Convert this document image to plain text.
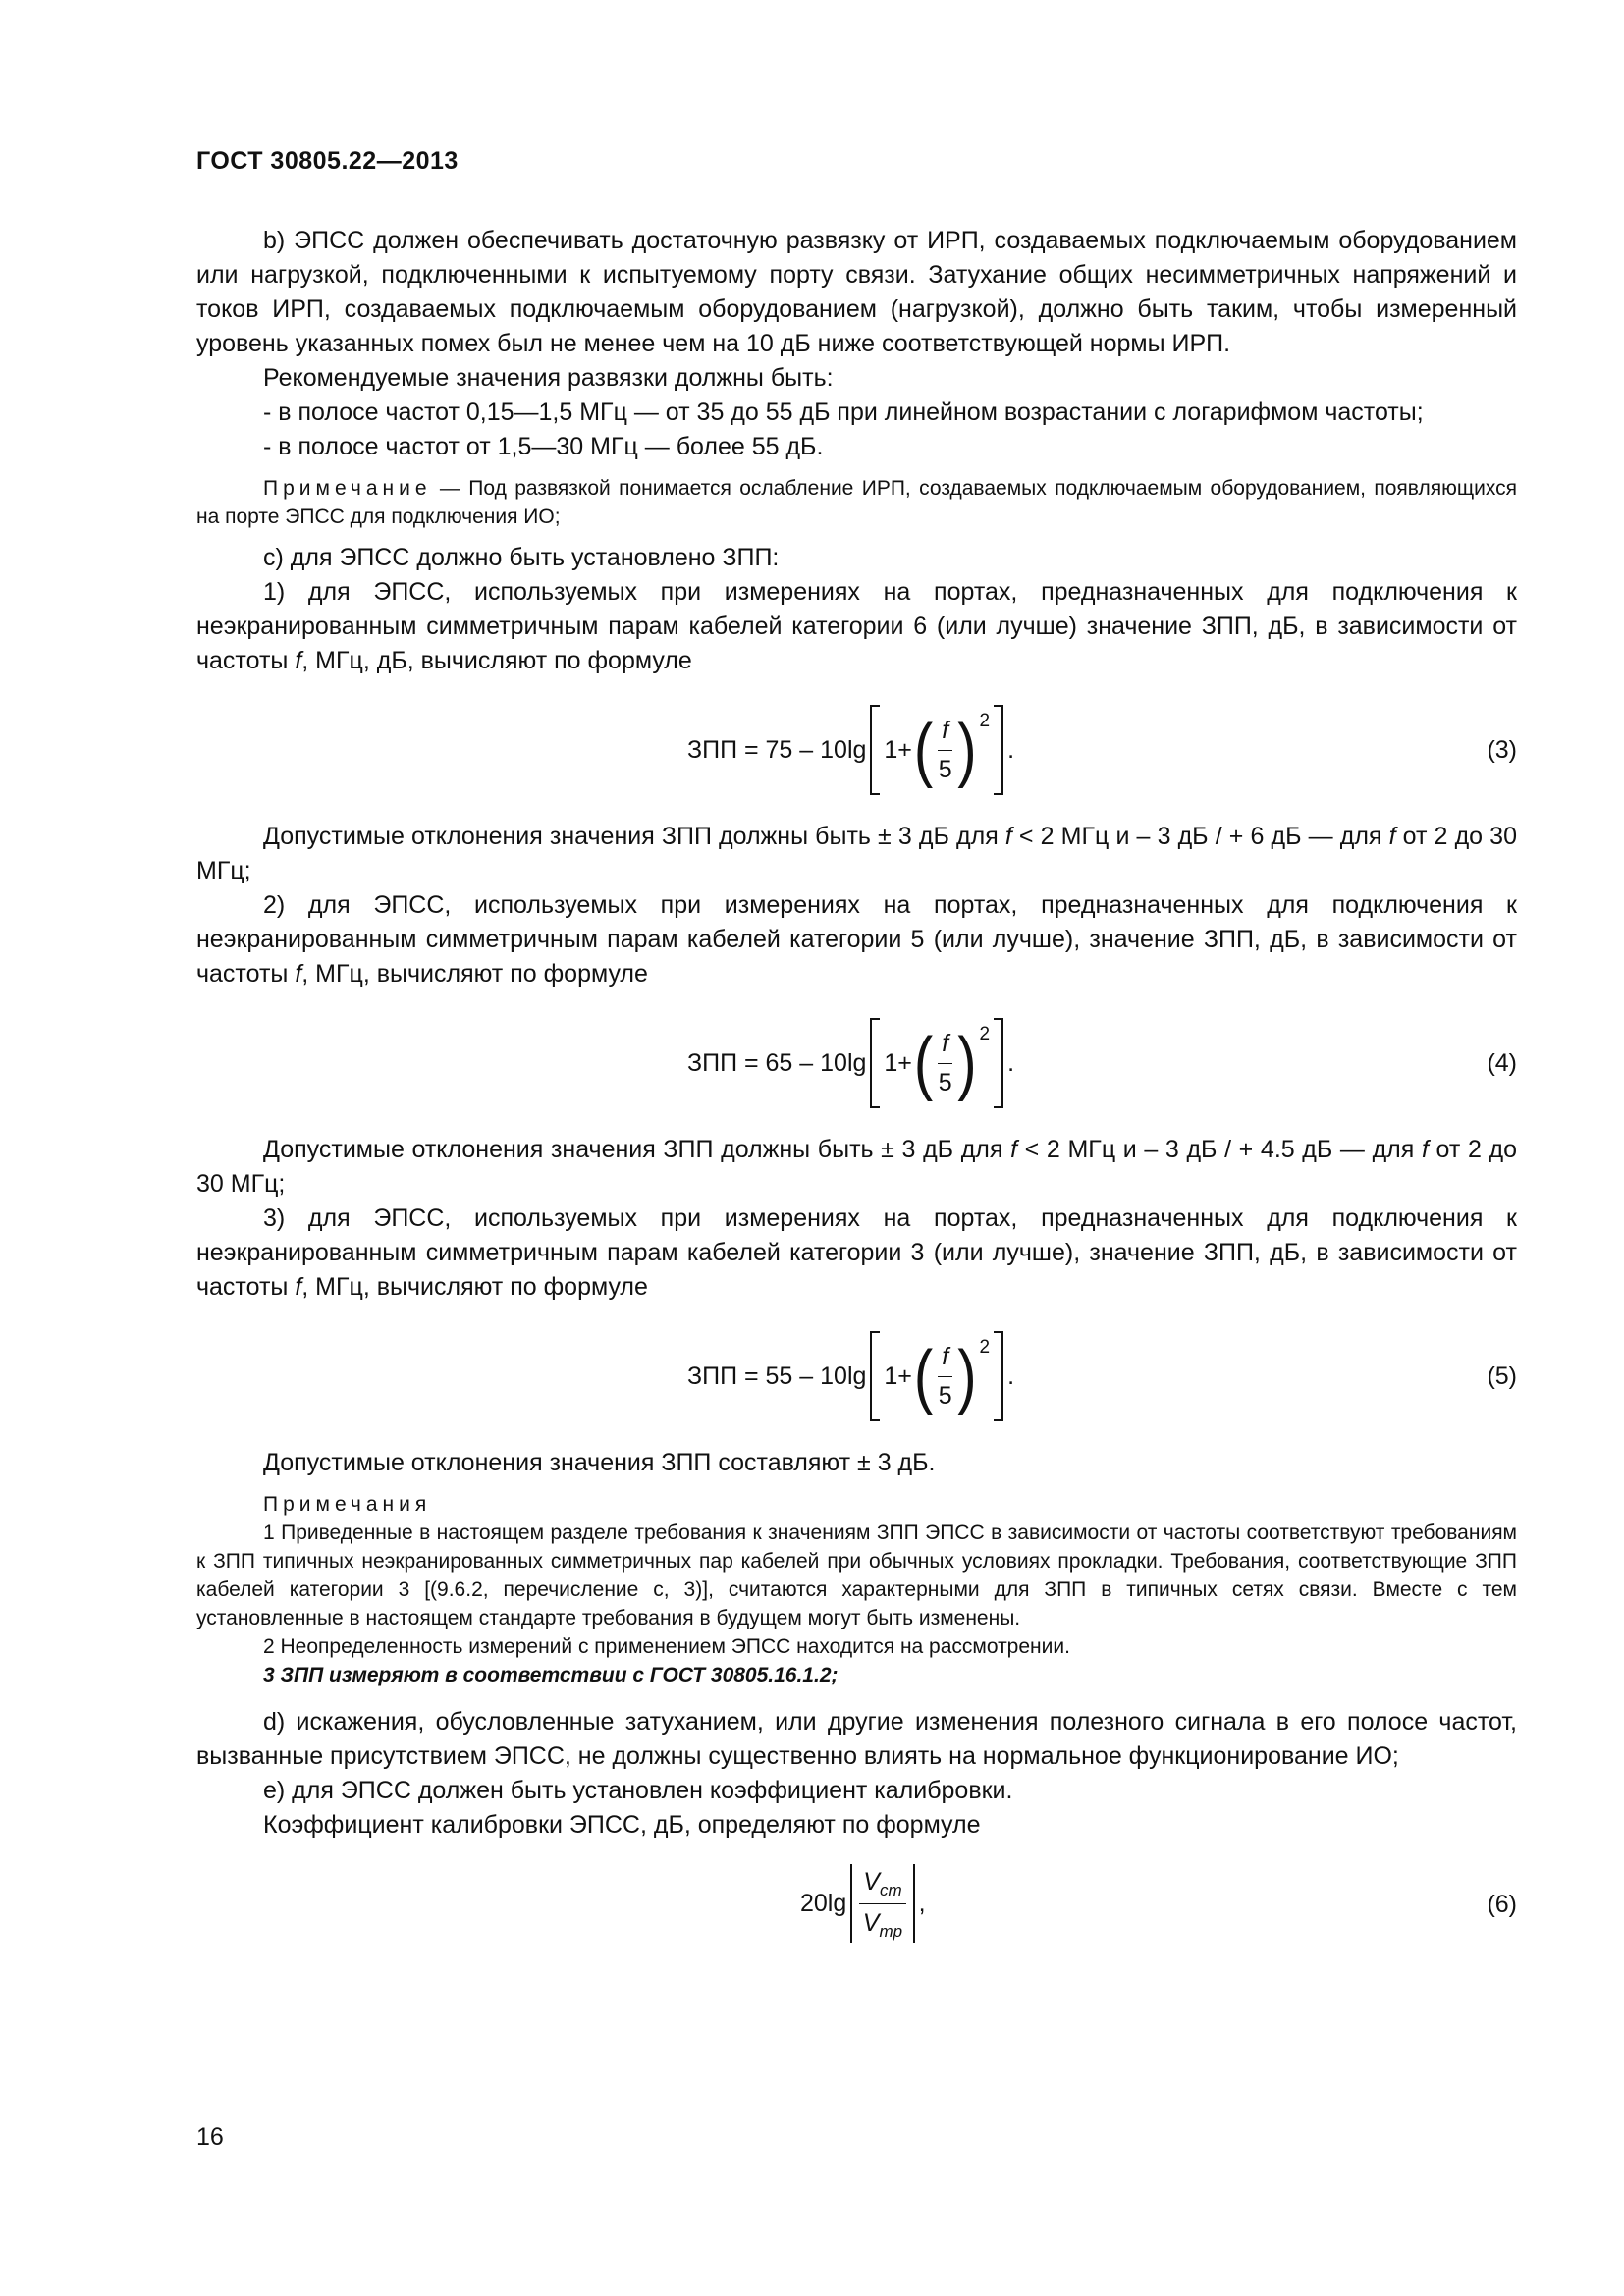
ГОСТ 30805.22—2013

b) ЭПСС должен обеспечивать достаточную развязку от ИРП, создаваемых подключаемым оборудованием или нагрузкой, подключенными к испытуемому порту связи. Затухание общих несимметричных напряжений и токов ИРП, создаваемых подключаемым оборудованием (нагрузкой), должно быть таким, чтобы измеренный уровень указанных помех был не менее чем на 10 дБ ниже соответствующей нормы ИРП.

Рекомендуемые значения развязки должны быть:

- в полосе частот 0,15—1,5 МГц — от 35 до 55 дБ при линейном возрастании с логарифмом частоты;

- в полосе частот от 1,5—30 МГц — более 55 дБ.

Примечание — Под развязкой понимается ослабление ИРП, создаваемых подключаемым оборудованием, появляющихся на порте ЭПСС для подключения ИО;

c) для ЭПСС должно быть установлено ЗПП:

1) для ЭПСС, используемых при измерениях на портах, предназначенных для подключения к неэкранированным симметричным парам кабелей категории 6 (или лучше) значение ЗПП, дБ, в зависимости от частоты f, МГц, дБ, вычисляют по формуле

ЗПП = 75 – 10lg 1+ ( $\frac{f}{5}$ ) 2
.	(3)

Допустимые отклонения значения ЗПП должны быть ± 3 дБ для f < 2 МГц и – 3 дБ / + 6 дБ — для f от 2 до 30 МГц;

2) для ЭПСС, используемых при измерениях на портах, предназначенных для подключения к неэкранированным симметричным парам кабелей категории 5 (или лучше), значение ЗПП, дБ, в зависимости от частоты f, МГц, вычисляют по формуле

ЗПП = 65 – 10lg 1+ ( $\frac{f}{5}$ ) 2
.	(4)

Допустимые отклонения значения ЗПП должны быть ± 3 дБ для f < 2 МГц и – 3 дБ / + 4.5 дБ — для f от 2 до 30 МГц;

3) для ЭПСС, используемых при измерениях на портах, предназначенных для подключения к неэкранированным симметричным парам кабелей категории 3 (или лучше), значение ЗПП, дБ, в зависимости от частоты f, МГц, вычисляют по формуле

ЗПП = 55 – 10lg 1+ ( $\frac{f}{5}$ ) 2
.	(5)

Допустимые отклонения значения ЗПП составляют ± 3 дБ.

Примечания

1 Приведенные в настоящем разделе требования к значениям ЗПП ЭПСС в зависимости от частоты соответствуют требованиям к ЗПП типичных неэкранированных симметричных пар кабелей при обычных условиях прокладки. Требования, соответствующие ЗПП кабелей категории 3 [(9.6.2, перечисление c, 3)], считаются характерными для ЗПП в типичных сетях связи. Вместе с тем установленные в настоящем стандарте требования в будущем могут быть изменены.

2 Неопределенность измерений с применением ЭПСС находится на рассмотрении.

3 ЗПП измеряют в соответствии с ГОСТ 30805.16.1.2;

d) искажения, обусловленные затуханием, или другие изменения полезного сигнала в его полосе частот, вызванные присутствием ЭПСС, не должны существенно влиять на нормальное функционирование ИО;

e) для ЭПСС должен быть установлен коэффициент калибровки.

Коэффициент калибровки ЭПСС, дБ, определяют по формуле

$20\lg \frac{V_{cm}}{V_{mp}}$ ,	(6)
16
